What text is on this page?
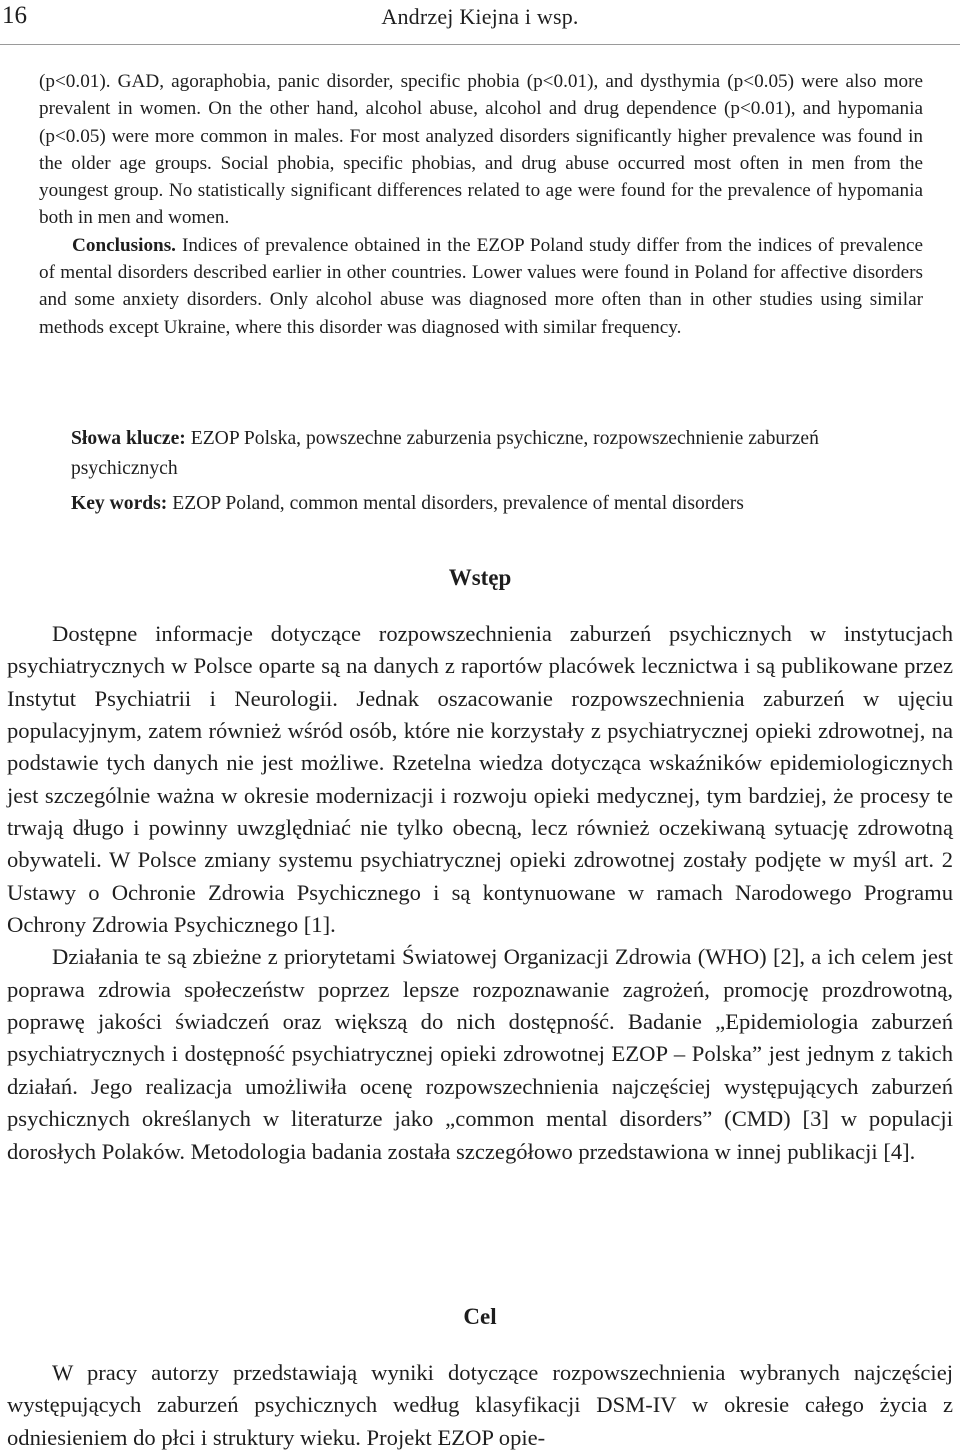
16	Andrzej Kiejna i wsp.

(p<0.01). GAD, agoraphobia, panic disorder, specific phobia (p<0.01), and dysthymia (p<0.05) were also more prevalent in women. On the other hand, alcohol abuse, alcohol and drug dependence (p<0.01), and hypomania (p<0.05) were more common in males. For most analyzed disorders significantly higher prevalence was found in the older age groups. Social phobia, specific phobias, and drug abuse occurred most often in men from the youngest group. No statistically significant differences related to age were found for the prevalence of hypomania both in men and women.

Conclusions. Indices of prevalence obtained in the EZOP Poland study differ from the indices of prevalence of mental disorders described earlier in other countries. Lower values were found in Poland for affective disorders and some anxiety disorders. Only alcohol abuse was diagnosed more often than in other studies using similar methods except Ukraine, where this disorder was diagnosed with similar frequency.

Słowa klucze: EZOP Polska, powszechne zaburzenia psychiczne, rozpowszechnienie zaburzeń psychicznych
Key words: EZOP Poland, common mental disorders, prevalence of mental disorders
Wstęp

Dostępne informacje dotyczące rozpowszechnienia zaburzeń psychicznych w instytucjach psychiatrycznych w Polsce oparte są na danych z raportów placówek lecznictwa i są publikowane przez Instytut Psychiatrii i Neurologii. Jednak oszacowanie rozpowszechnienia zaburzeń w ujęciu populacyjnym, zatem również wśród osób, które nie korzystały z psychiatrycznej opieki zdrowotnej, na podstawie tych danych nie jest możliwe. Rzetelna wiedza dotycząca wskaźników epidemiologicznych jest szczególnie ważna w okresie modernizacji i rozwoju opieki medycznej, tym bardziej, że procesy te trwają długo i powinny uwzględniać nie tylko obecną, lecz również oczekiwaną sytuację zdrowotną obywateli. W Polsce zmiany systemu psychiatrycznej opieki zdrowotnej zostały podjęte w myśl art. 2 Ustawy o Ochronie Zdrowia Psychicznego i są kontynuowane w ramach Narodowego Programu Ochrony Zdrowia Psychicznego [1].

Działania te są zbieżne z priorytetami Światowej Organizacji Zdrowia (WHO) [2], a ich celem jest poprawa zdrowia społeczeństw poprzez lepsze rozpoznawanie zagrożeń, promocję prozdrowotną, poprawę jakości świadczeń oraz większą do nich dostępność. Badanie „Epidemiologia zaburzeń psychiatrycznych i dostępność psychiatrycznej opieki zdrowotnej EZOP – Polska” jest jednym z takich działań. Jego realizacja umożliwiła ocenę rozpowszechnienia najczęściej występujących zaburzeń psychicznych określanych w literaturze jako „common mental disorders” (CMD) [3] w populacji dorosłych Polaków. Metodologia badania została szczegółowo przedstawiona w innej publikacji [4].

Cel

W pracy autorzy przedstawiają wyniki dotyczące rozpowszechnienia wybranych najczęściej występujących zaburzeń psychicznych według klasyfikacji DSM-IV w okresie całego życia z odniesieniem do płci i struktury wieku. Projekt EZOP opie-
